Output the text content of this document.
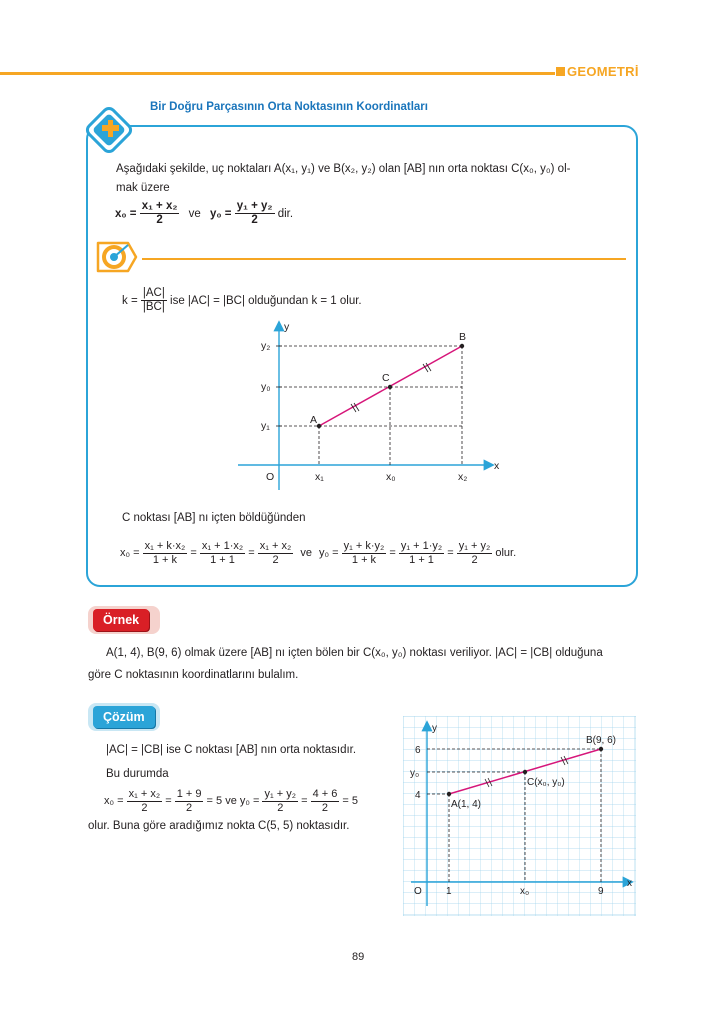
GEOMETRİ
Bir Doğru Parçasının Orta Noktasının Koordinatları
Aşağıdaki şekilde, uç noktaları A(x₁, y₁) ve B(x₂, y₂) olan [AB] nın orta noktası C(x₀, y₀) ol-
mak üzere
$x_0 = \frac{\text{x₁ + x₂}}{2}$ ve $y_0 = \frac{\text{y₁ + y₂}}{2}$ dir.
$k = \frac{|AC|}{|BC|}$ ise |AC| = |BC| olduğundan k = 1 olur.
y
x
O
y₂
y₀
y₁
x₁	x₀	x₂
A
C
B
C noktası [AB] nı içten böldüğünden
$x_0 = \frac{\text{x₁ + k·x₂}}{1 + k} = \frac{\text{x₁ + 1·x₂}}{1 + 1} = \frac{\text{x₁ + x₂}}{2}$ ve $y_0 = \frac{\text{y₁ + k·y₂}}{1 + k} = \frac{\text{y₁ + 1·y₂}}{1 + 1} = \frac{\text{y₁ + y₂}}{2}$ olur.
Örnek
A(1, 4), B(9, 6) olmak üzere [AB] nı içten bölen bir C(x₀, y₀) noktası veriliyor. |AC| = |CB| olduğuna
göre C noktasının koordinatlarını bulalım.
Çözüm
|AC| = |CB| ise C noktası [AB] nın orta noktasıdır.
Bu durumda
$x_0 = \frac{\text{x₁ + x₂}}{2} = \frac{1 + 9}{2} = 5$ ve $y_0 = \frac{\text{y₁ + y₂}}{2} = \frac{4 + 6}{2} = 5$
olur. Buna göre aradığımız nokta C(5, 5) noktasıdır.
y
x
O
6
y₀
4
1	x₀	9
A(1, 4)
C(x₀, y₀)
B(9, 6)
89
